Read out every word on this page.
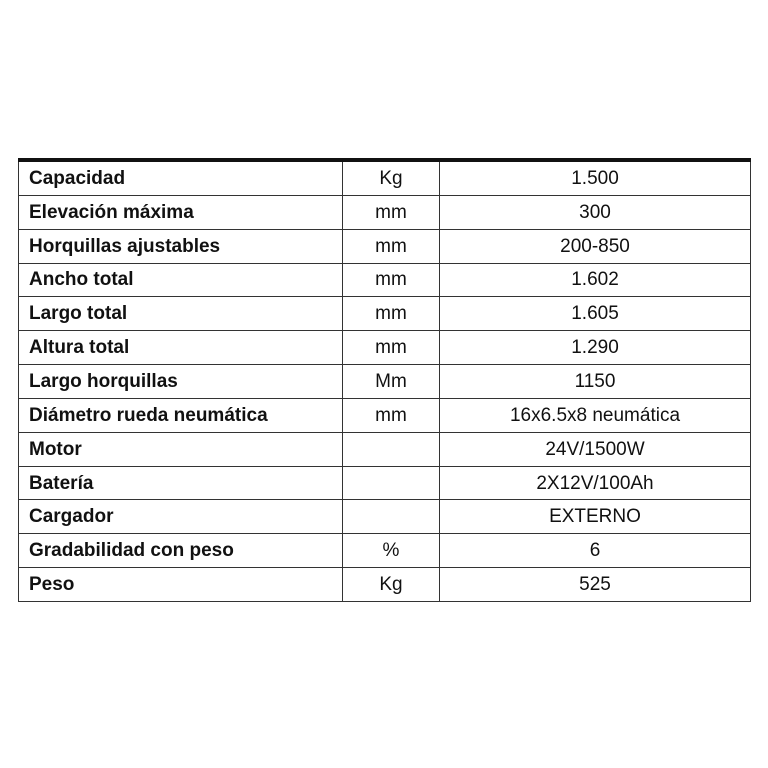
Capacidad	Kg	1.500
Elevación máxima	mm	300
Horquillas ajustables	mm	200-850
Ancho total	mm	1.602
Largo total	mm	1.605
Altura total	mm	1.290
Largo horquillas	Mm	1150
Diámetro rueda neumática	mm	16x6.5x8 neumática
Motor		24V/1500W
Batería		2X12V/100Ah
Cargador		EXTERNO
Gradabilidad con peso	%	6
Peso	Kg	525
